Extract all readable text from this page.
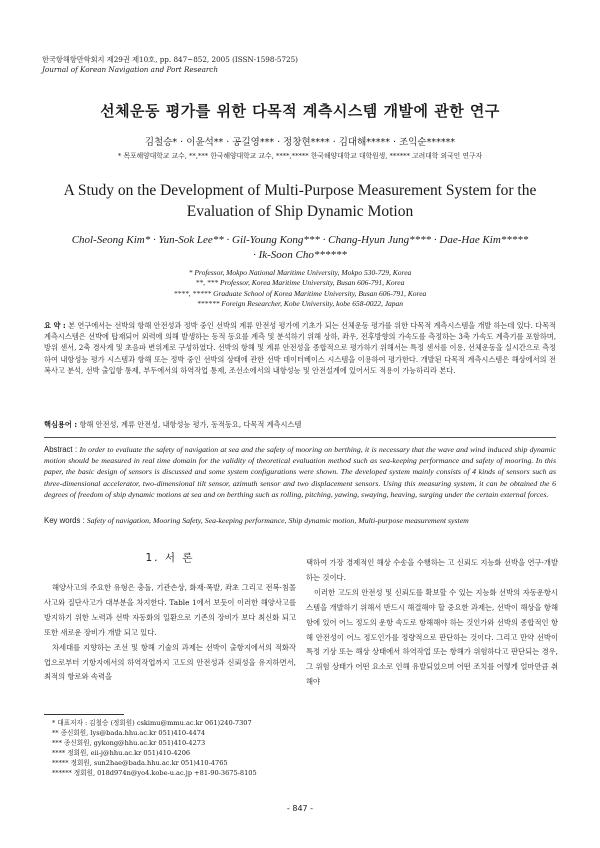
한국항해항만학회지 제29권 제10호, pp. 847~852, 2005 (ISSN-1598-5725)
Journal of Korean Navigation and Port Research
선체운동 평가를 위한 다목적 계측시스템 개발에 관한 연구
김철승* · 이윤석** · 공길영*** · 정창현**** · 김대해***** · 조익순******
* 목포해양대학교 교수, **,*** 한국해양대학교 교수, ****,***** 한국해양대학교 대학원생, ****** 고려대학 외국인 연구자
A Study on the Development of Multi-Purpose Measurement System for the Evaluation of Ship Dynamic Motion
Chol-Seong Kim* · Yun-Sok Lee** · Gil-Young Kong*** · Chang-Hyun Jung**** · Dae-Hae Kim*****
· Ik-Soon Cho******
* Professor, Mokpo National Maritime University, Mokpo 530-729, Korea
**, *** Professor, Korea Maritime University, Busan 606-791, Korea
****, ***** Graduate School of Korea Maritime University, Busan 606-791, Korea
****** Foreign Researcher, Kobe University, kobe 658-0022, Japan
요 약 : 본 연구에서는 선박의 항해 안전성과 정박 중인 선박의 계류 안전성 평가에 기초가 되는 선체운동 평가를 위한 다목적 계측시스템을 개발 하는데 있다. 다목적 계측시스템은 선박에 탑재되어 외력에 의해 발생하는 동적 동요를 계측 및 분석하기 위해 상하, 좌우, 전후방향의 가속도를 측정하는 3축 가속도 계측기를 포함하며, 방위 센서, 2축 경사계 및 초음파 변위계로 구성하였다. 선박의 항해 및 계류 안전성을 종합적으로 평가하기 위해서는 특정 센서를 이용, 선체운동을 실시간으로 측정하여 내항성능 평가 시스템과 항해 또는 정박 중인 선박의 상태에 관한 선박 데이터베이스 시스템을 이용하여 평가한다. 개발된 다목적 계측시스템은 해상에서의 전복사고 분석, 선박 출입항 통제, 부두에서의 하역작업 통제, 조선소에서의 내항성능 및 안전설계에 있어서도 적용이 가능하리라 본다.
핵심용어 : 항해 안전성, 계류 안전성, 내항성능 평가, 동적동요, 다목적 계측시스템
Abstract : In order to evaluate the safety of navigation at sea and the safety of mooring on berthing, it is necessary that the wave and wind induced ship dynamic motion should be measured in real time domain for the validity of theoretical evaluation method such as sea-keeping performance and safety of mooring. In this paper, the basic design of sensors is discussed and some system configurations were shown. The developed system mainly consists of 4 kinds of sensors such as three-dimensional accelerator, two-dimensional tilt sensor, azimuth sensor and two displacement sensors. Using this measuring system, it can be obtained the 6 degrees of freedom of ship dynamic motions at sea and on berthing such as rolling, pitching, yawing, swaying, heaving, surging under the certain external forces.
Key words : Safety of navigation, Mooring Safety, Sea-keeping performance, Ship dynamic motion, Multi-purpose measurement system
1. 서 론

해양사고의 주요한 유형은 충돌, 기관손상, 화재·폭발, 좌초 그리고 전복·침몰사고와 질단사고가 대부분을 차지한다. Table 1에서 보듯이 이러한 해양사고를 방지하기 위한 노력과 선박 자동화의 일환으로 기존의 장비가 보다 최신화 되고 또한 새로운 장비가 개발 되고 있다.

차세대를 지향하는 조선 및 항해 기술의 과제는 선박이 출항지에서의 적화작업으로부터 기항지에서의 하역작업까지 고도의 안전성과 신뢰성을 유지하면서, 최적의 항로와 속력을

택하여 가장 경제적인 해상 수송을 수행하는 고 신뢰도 지능화 선박을 연구·개발하는 것이다.

이러한 고도의 안전성 및 신뢰도를 확보할 수 있는 지능화 선박의 자동운항시스템을 개발하기 위해서 반드시 해결해야 할 중요한 과제는, 선박이 해상을 항해함에 있어 어느 정도의 운항 속도로 항해해야 하는 것인가와 선박의 종합적인 항해 안전성이 어느 정도인가를 정량적으로 판단하는 것이다. 그리고 만약 선박이 특정 기상 또는 해상 상태에서 하역작업 또는 항해가 위험하다고 판단되는 경우, 그 위험 상태가 어떤 요소로 인해 유발되었으며 어떤 조치를 어떻게 얼마만큼 취해야

* 대표저자 : 김철승 (정회원) cskimu@mmu.ac.kr 061)240-7307
** 종신회원, lys@bada.hhu.ac.kr 051)410-4474
*** 종신회원, gykong@hhu.ac.kr 051)410-4273
**** 정회원, eii-j@hhu.ac.kr 051)410-4206
***** 정회원, sun2hae@bada.hhu.ac.kr 051)410-4765
****** 정회원, 018d974n@yo4.kobe-u.ac.jp +81-90-3675-8105
- 847 -
